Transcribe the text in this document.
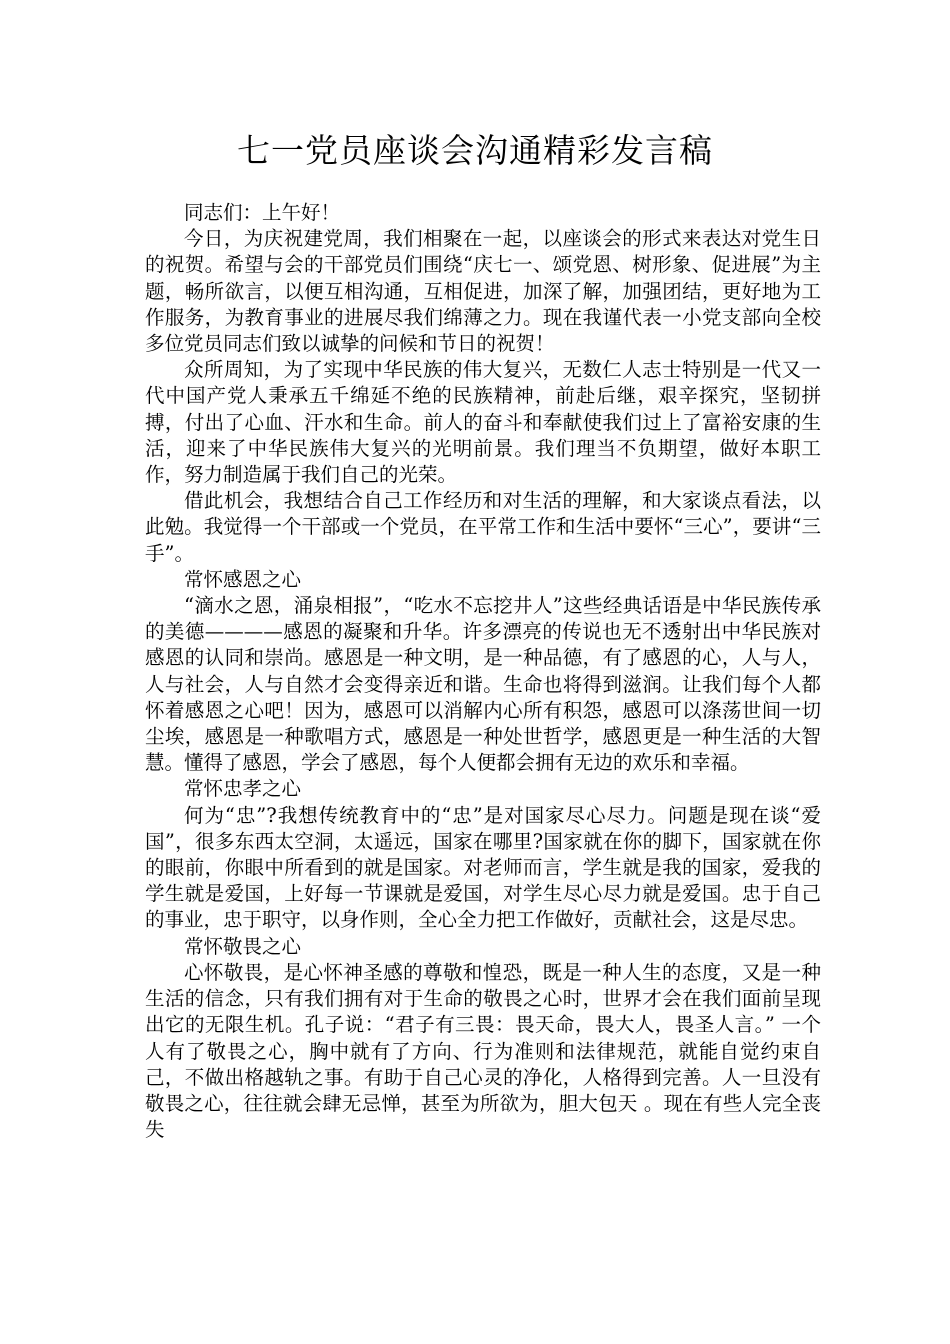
七一党员座谈会沟通精彩发言稿

同志们：上午好！

今日，为庆祝建党周，我们相聚在一起，以座谈会的形式来表达对党生日的祝贺。希望与会的干部党员们围绕“庆七一、颂党恩、树形象、促进展”为主题，畅所欲言，以便互相沟通，互相促进，加深了解，加强团结，更好地为工作服务，为教育事业的进展尽我们绵薄之力。现在我谨代表一小党支部向全校多位党员同志们致以诚挚的问候和节日的祝贺！

众所周知，为了实现中华民族的伟大复兴，无数仁人志士特别是一代又一代中国产党人秉承五千绵延不绝的民族精神，前赴后继，艰辛探究，坚韧拼搏，付出了心血、汗水和生命。前人的奋斗和奉献使我们过上了富裕安康的生活，迎来了中华民族伟大复兴的光明前景。我们理当不负期望，做好本职工作，努力制造属于我们自己的光荣。

借此机会，我想结合自己工作经历和对生活的理解，和大家谈点看法，以此勉。我觉得一个干部或一个党员，在平常工作和生活中要怀“三心”，要讲“三手”。

常怀感恩之心

“滴水之恩，涌泉相报”，“吃水不忘挖井人”这些经典话语是中华民族传承的美德————感恩的凝聚和升华。许多漂亮的传说也无不透射出中华民族对感恩的认同和崇尚。感恩是一种文明，是一种品德，有了感恩的心，人与人，人与社会，人与自然才会变得亲近和谐。生命也将得到滋润。让我们每个人都怀着感恩之心吧！因为，感恩可以消解内心所有积怨，感恩可以涤荡世间一切尘埃，感恩是一种歌唱方式，感恩是一种处世哲学，感恩更是一种生活的大智慧。懂得了感恩，学会了感恩，每个人便都会拥有无边的欢乐和幸福。

常怀忠孝之心

何为“忠”?我想传统教育中的“忠”是对国家尽心尽力。问题是现在谈“爱国”，很多东西太空洞，太遥远，国家在哪里?国家就在你的脚下，国家就在你的眼前，你眼中所看到的就是国家。对老师而言，学生就是我的国家，爱我的学生就是爱国，上好每一节课就是爱国，对学生尽心尽力就是爱国。忠于自己的事业，忠于职守，以身作则，全心全力把工作做好，贡献社会，这是尽忠。

常怀敬畏之心

心怀敬畏，是心怀神圣感的尊敬和惶恐，既是一种人生的态度，又是一种生活的信念，只有我们拥有对于生命的敬畏之心时，世界才会在我们面前呈现出它的无限生机。孔子说：“君子有三畏：畏天命，畏大人，畏圣人言。” 一个人有了敬畏之心，胸中就有了方向、行为准则和法律规范，就能自觉约束自己，不做出格越轨之事。有助于自己心灵的净化，人格得到完善。人一旦没有敬畏之心，往往就会肆无忌惮，甚至为所欲为，胆大包天 。现在有些人完全丧失
